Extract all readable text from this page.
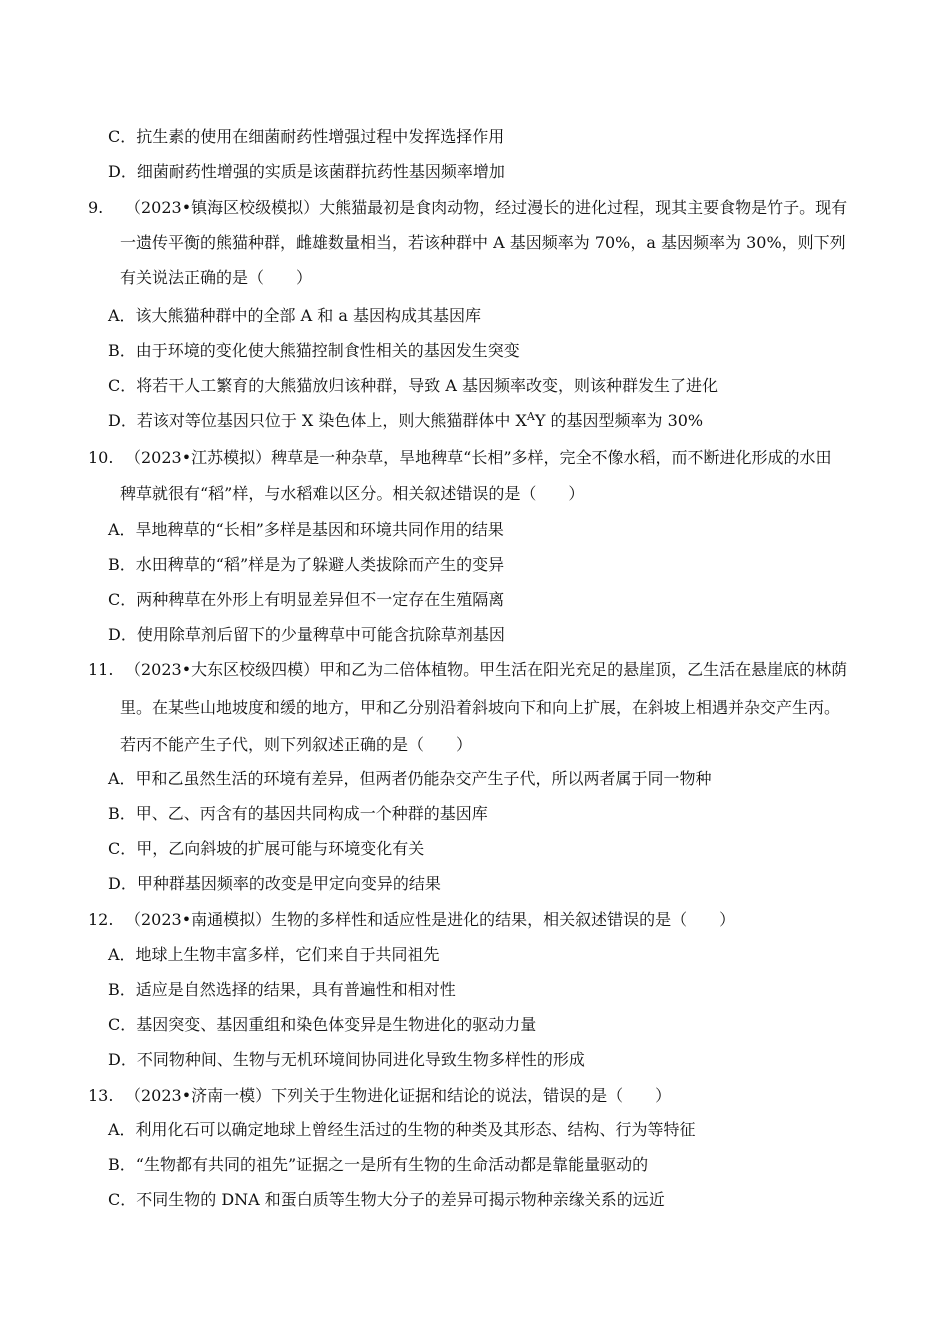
C．抗生素的使用在细菌耐药性增强过程中发挥选择作用
D．细菌耐药性增强的实质是该菌群抗药性基因频率增加
9. （2023•镇海区校级模拟）大熊猫最初是食肉动物，经过漫长的进化过程，现其主要食物是竹子。现有
一遗传平衡的熊猫种群，雌雄数量相当，若该种群中 A 基因频率为 70%，a 基因频率为 30%，则下列
有关说法正确的是（　　）
A．该大熊猫种群中的全部 A 和 a 基因构成其基因库
B．由于环境的变化使大熊猫控制食性相关的基因发生突变
C．将若干人工繁育的大熊猫放归该种群，导致 A 基因频率改变，则该种群发生了进化
D．若该对等位基因只位于 X 染色体上，则大熊猫群体中 $X^AY$ 的基因型频率为 30%
10. （2023•江苏模拟）稗草是一种杂草，旱地稗草“长相”多样，完全不像水稻，而不断进化形成的水田
稗草就很有“稻”样，与水稻难以区分。相关叙述错误的是（　　）
A．旱地稗草的“长相”多样是基因和环境共同作用的结果
B．水田稗草的“稻”样是为了躲避人类拔除而产生的变异
C．两种稗草在外形上有明显差异但不一定存在生殖隔离
D．使用除草剂后留下的少量稗草中可能含抗除草剂基因
11. （2023•大东区校级四模）甲和乙为二倍体植物。甲生活在阳光充足的悬崖顶，乙生活在悬崖底的林荫
里。在某些山地坡度和缓的地方，甲和乙分别沿着斜坡向下和向上扩展，在斜坡上相遇并杂交产生丙。
若丙不能产生子代，则下列叙述正确的是（　　）
A．甲和乙虽然生活的环境有差异，但两者仍能杂交产生子代，所以两者属于同一物种
B．甲、乙、丙含有的基因共同构成一个种群的基因库
C．甲，乙向斜坡的扩展可能与环境变化有关
D．甲种群基因频率的改变是甲定向变异的结果
12. （2023•南通模拟）生物的多样性和适应性是进化的结果，相关叙述错误的是（　　）
A．地球上生物丰富多样，它们来自于共同祖先
B．适应是自然选择的结果，具有普遍性和相对性
C．基因突变、基因重组和染色体变异是生物进化的驱动力量
D．不同物种间、生物与无机环境间协同进化导致生物多样性的形成
13. （2023•济南一模）下列关于生物进化证据和结论的说法，错误的是（　　）
A．利用化石可以确定地球上曾经生活过的生物的种类及其形态、结构、行为等特征
B．“生物都有共同的祖先”证据之一是所有生物的生命活动都是靠能量驱动的
C．不同生物的 DNA 和蛋白质等生物大分子的差异可揭示物种亲缘关系的远近
